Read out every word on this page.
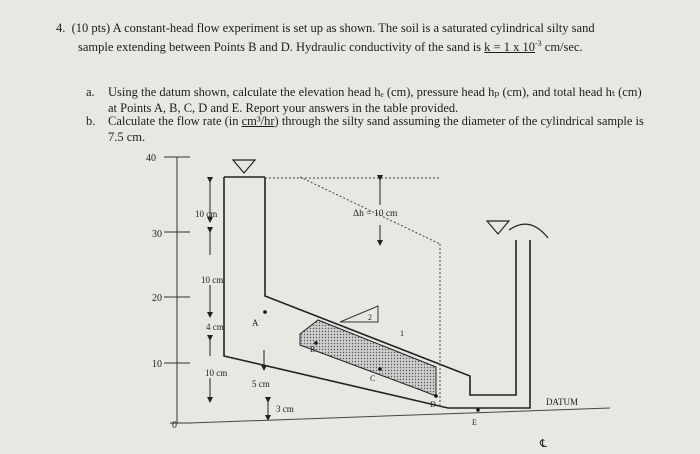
4. (10 pts) A constant-head flow experiment is set up as shown. The soil is a saturated cylindrical silty sand
sample extending between Points B and D. Hydraulic conductivity of the sand is k = 1 x $10^{-3}$ cm/sec.
a. Using the datum shown, calculate the elevation head hₑ (cm), pressure head hₚ (cm), and total head hₜ (cm)

at Points A, B, C, D and E. Report your answers in the table provided.
b. Calculate the flow rate (in cm³/hr) through the silty sand assuming the diameter of the cylindrical sample is

7.5 cm.
40
30
20
10
0
2
1
10 cm
10 cm
4 cm
10 cm
5 cm
3 cm
Δh = 10 cm
A
B
C
D
E
DATUM
℄
